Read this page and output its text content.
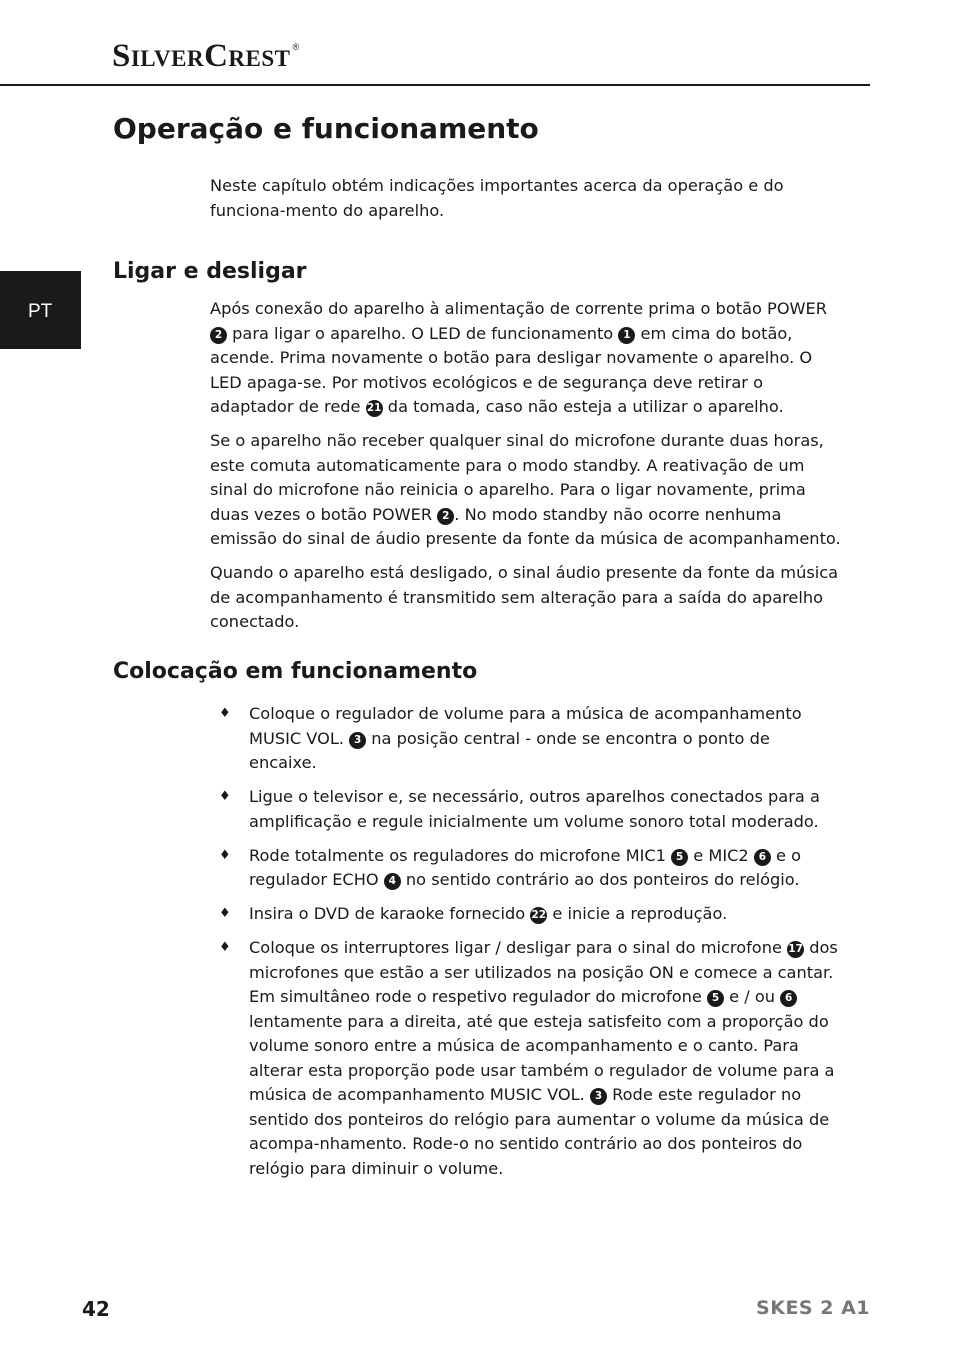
SilverCrest ®
PT
Operação e funcionamento

Neste capítulo obtém indicações importantes acerca da operação e do funciona-mento do aparelho.

Ligar e desligar

Após conexão do aparelho à alimentação de corrente prima o botão POWER 2 para ligar o aparelho. O LED de funcionamento 1 em cima do botão, acende. Prima novamente o botão para desligar novamente o aparelho. O LED apaga-se. Por motivos ecológicos e de segurança deve retirar o adaptador de rede 21 da tomada, caso não esteja a utilizar o aparelho.

Se o aparelho não receber qualquer sinal do microfone durante duas horas, este comuta automaticamente para o modo standby. A reativação de um sinal do microfone não reinicia o aparelho. Para o ligar novamente, prima duas vezes o botão POWER 2 . No modo standby não ocorre nenhuma emissão do sinal de áudio presente da fonte da música de acompanhamento.

Quando o aparelho está desligado, o sinal áudio presente da fonte da música de acompanhamento é transmitido sem alteração para a saída do aparelho conectado.

Colocação em funcionamento
♦ Coloque o regulador de volume para a música de acompanhamento MUSIC VOL. 3 na posição central - onde se encontra o ponto de encaixe.
♦ Ligue o televisor e, se necessário, outros aparelhos conectados para a amplificação e regule inicialmente um volume sonoro total moderado.
♦ Rode totalmente os reguladores do microfone MIC1 5 e MIC2 6 e o regulador ECHO 4 no sentido contrário ao dos ponteiros do relógio.
♦ Insira o DVD de karaoke fornecido 22 e inicie a reprodução.
♦ Coloque os interruptores ligar / desligar para o sinal do microfone 17 dos microfones que estão a ser utilizados na posição ON e comece a cantar. Em simultâneo rode o respetivo regulador do microfone 5 e / ou 6 lentamente para a direita, até que esteja satisfeito com a proporção do volume sonoro entre a música de acompanhamento e o canto. Para alterar esta proporção pode usar também o regulador de volume para a música de acompanhamento MUSIC VOL. 3 Rode este regulador no sentido dos ponteiros do relógio para aumentar o volume da música de acompa-nhamento. Rode-o no sentido contrário ao dos ponteiros do relógio para diminuir o volume.
42	SKES 2 A1
